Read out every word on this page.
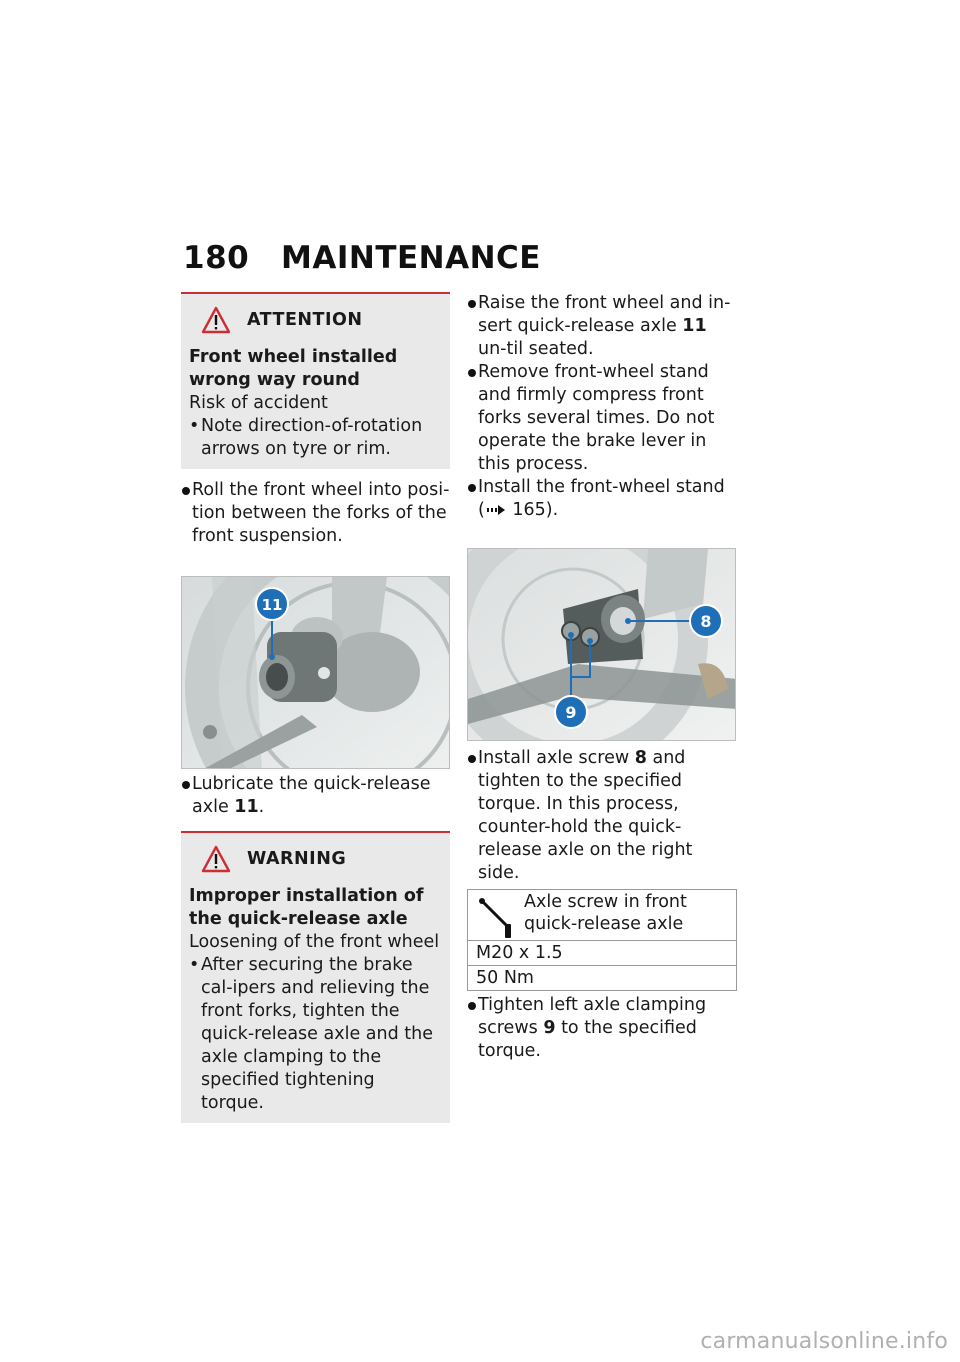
180 MAINTENANCE
ATTENTION

Front wheel installed wrong way round

Risk of accident

• Note direction-of-rotation arrows on tyre or rim.

Roll the front wheel into posi-tion between the forks of the front suspension.

11

Lubricate the quick-release axle 11.

WARNING

Improper installation of the quick-release axle

Loosening of the front wheel

• After securing the brake cal-ipers and relieving the front forks, tighten the quick-release axle and the axle clamping to the specified tightening torque.

Raise the front wheel and in-sert quick-release axle 11 un-til seated.

Remove front-wheel stand and firmly compress front forks several times. Do not operate the brake lever in this process.

Install the front-wheel stand
( 165).

8
9

Install axle screw 8 and tighten to the specified torque. In this process, counter-hold the quick-release axle on the right side.

Axle screw in front quick-release axle

M20 x 1.5
50 Nm

Tighten left axle clamping screws 9 to the specified torque.

carmanualsonline.info
